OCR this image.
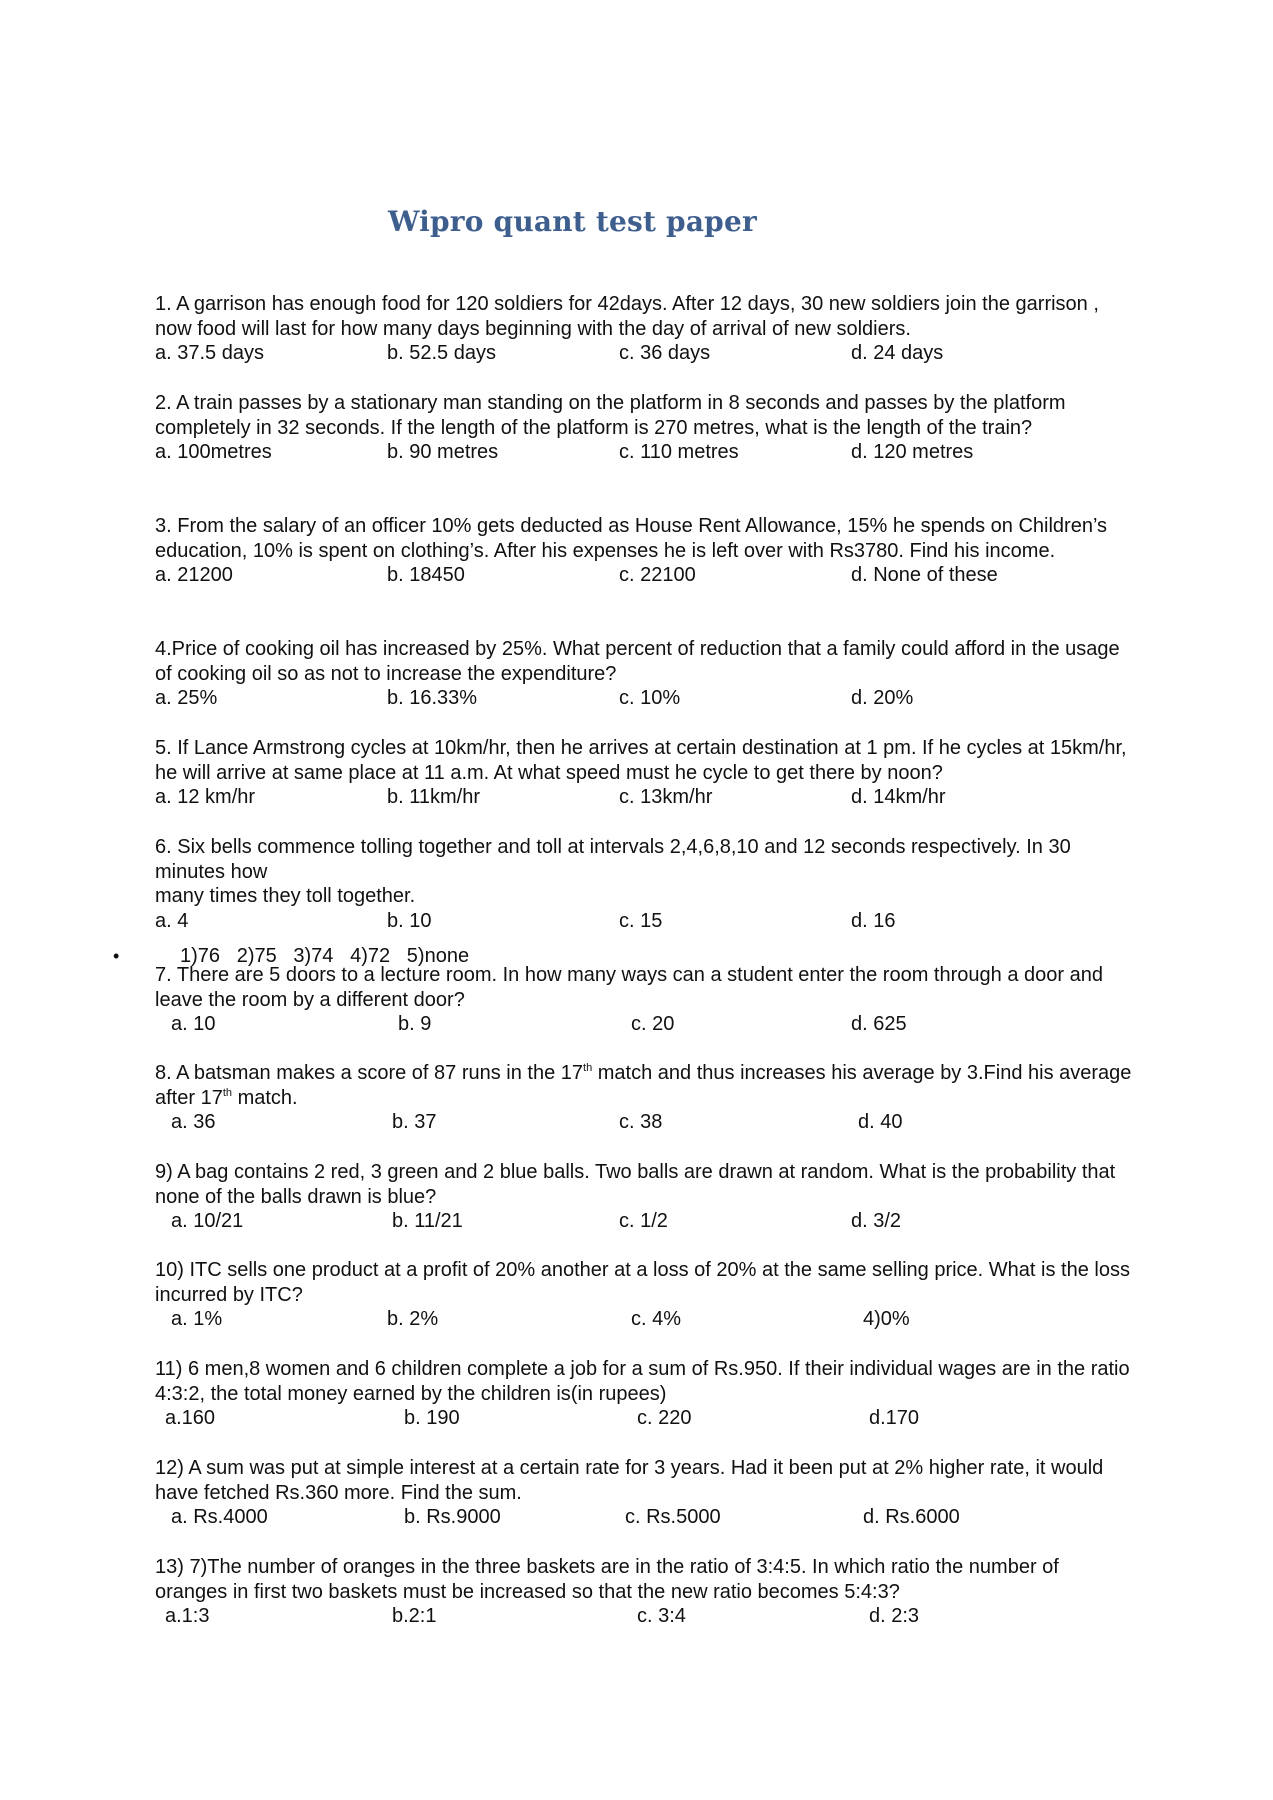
Wipro quant test paper
1. A garrison has enough food for 120 soldiers for 42days. After 12 days, 30 new soldiers join the garrison , now food will last for how many days beginning with the day of arrival of new soldiers.
a. 37.5 days	b. 52.5 days	c. 36 days	d. 24 days
2. A train passes by a stationary man standing on the platform in 8 seconds and passes by the platform completely in 32 seconds. If the length of the platform is 270 metres, what is the length of the train?
a. 100metres	b. 90 metres	c. 110 metres	d. 120 metres
3. From the salary of an officer 10% gets deducted as House Rent Allowance, 15% he spends on Children’s education, 10% is spent on clothing’s. After his expenses he is left over with Rs3780. Find his income.
a. 21200	b. 18450	c. 22100	d. None of these
4.Price of cooking oil has increased by 25%. What percent of reduction that a family could afford in the usage of cooking oil so as not to increase the expenditure?
a. 25%	b. 16.33%	c. 10%	d. 20%
5. If Lance Armstrong cycles at 10km/hr, then he arrives at certain destination at 1 pm. If he cycles at 15km/hr, he will arrive at same place at 11 a.m. At what speed must he cycle to get there by noon?
a. 12 km/hr	b. 11km/hr	c. 13km/hr	d. 14km/hr
6. Six bells commence tolling together and toll at intervals 2,4,6,8,10 and 12 seconds respectively. In 30 minutes how
many times they toll together.
a. 4	b. 10	c. 15	d. 16
•	1)76   2)75   3)74   4)72   5)none
7. There are 5 doors to a lecture room. In how many ways can a student enter the room through a door and leave the room by a different door?
a. 10	b. 9	c. 20	d. 625
8. A batsman makes a score of 87 runs in the 17th match and thus increases his average by 3.Find his average after 17th match.
a. 36	b. 37	c. 38	d. 40
9) A bag contains 2 red, 3 green and 2 blue balls. Two balls are drawn at random. What is the probability that none of the balls drawn is blue?
a. 10/21	b. 11/21	c. 1/2	d. 3/2
10) ITC sells one product at a profit of 20% another at a loss of 20% at the same selling price. What is the loss incurred by ITC?
a. 1%	b. 2%	c. 4%	4)0%
11) 6 men,8 women and 6 children complete a job for a sum of Rs.950. If their individual wages are in the ratio 4:3:2, the total money earned by the children is(in rupees)
a.160	b. 190	c. 220	d.170
12) A sum was put at simple interest at a certain rate for 3 years. Had it been put at 2% higher rate, it would have fetched Rs.360 more. Find the sum.
a. Rs.4000	b. Rs.9000	c. Rs.5000	d. Rs.6000
13) 7)The number of oranges in the three baskets are in the ratio of 3:4:5. In which ratio the number of oranges in first two baskets must be increased so that the new ratio becomes 5:4:3?
a.1:3	b.2:1	c. 3:4	d. 2:3
